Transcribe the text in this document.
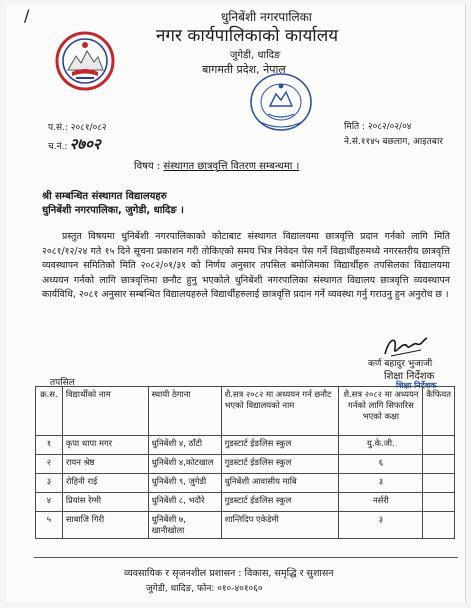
/	धुनिबेंशी नगरपालिका
नगर कार्यपालिकाको कार्यालय
जुगेडी, धादिङ
बागमती प्रदेश, नेपाल
प.सं.: २०८१/०८२
च.नं.: २७०२
मिति : २०८२/०२/०४
ने.सं.११४५ बछलाग, आइतबार
विषय : संस्थागत छात्रवृत्ति वितरण सम्बन्धमा ।
श्री सम्बन्धित संस्थागत विद्यालयहरु
धुनिबेंशी नगरपालिका, जुगेडी, धादिङ ।
प्रस्तुत विषयमा धुनिबेंशी नगरपालिकाको कोटाबाट संस्थागत विद्यालयमा छात्रवृत्ति प्रदान गर्नको लागि मिति २०८१/१२/२४ गते १५ दिने सूचना प्रकाशन गरी तोकिएको समय भित्र निवेदन पेस गर्ने विद्यार्थीहरुमध्ये नगरस्तरीय छात्रवृत्ति व्यवस्थापन समितिको मिति २०८२/०१/३१ को निर्णय अनुसार तपसिल बमोजिमका विद्यार्थीहरु तपसिलका विद्यालयमा अध्ययन गर्नको लागि छात्रवृत्तिमा छनौट हुनु भएकोले धुनिबेंशी नगरपालिका संस्थागत विद्यालय छात्रवृत्ति व्यवस्थापन कार्यविधि, २०८१ अनुसार सम्बन्धित विद्यालयहरुले विद्यार्थीहरुलाई छात्रवृत्ति प्रदान गर्ने व्यवस्था गर्नु गराउनु हुन अनुरोध छ ।
कर्ण बहादुर भुजाजी
शिक्षा निर्देशक
शिक्षा निर्देशक
तपसिल
क्र.स.	विद्यार्थीको नाम	स्थायी ठेगाना	शै.सत्र २०८२ मा अध्ययन गर्न छनौट भएको विद्यालयको नाम	शै.सत्र २०८२ मा अध्ययन गर्नको लागि सिफारिस भएको कक्षा	कैफियत
१	कृपा थापा मगर	धुनिबेंशी ४, ठाँटी	गुडस्टार्ट ईङलिस स्कुल	यु.के.जी.	
२	रायन श्रेष्ठ	धुनिबेंशी ४,कोटखाल	गुडस्टार्ट ईङलिस स्कुल	६	
३	रोहिनी राई	धुनिबेंशी ९, जुगेडी	धुनिबेंशी आवासीय माबि	३	
४	प्रियांस रेग्मी	धुनिबेंशी ८, भदौरे	गुडस्टार्ट ईङलिस स्कुल	नर्सरी	
५	साबाजि गिरी	धुनिबेंशी ७, खानीखोला	शान्तिदिप एकेडेमी	३	
व्यवसायिक र सृजनशील प्रशासन : विकास, समृद्धि र सुशासन
जुगेडी, धादिङ, फोन: ०१०-४०१०६०
